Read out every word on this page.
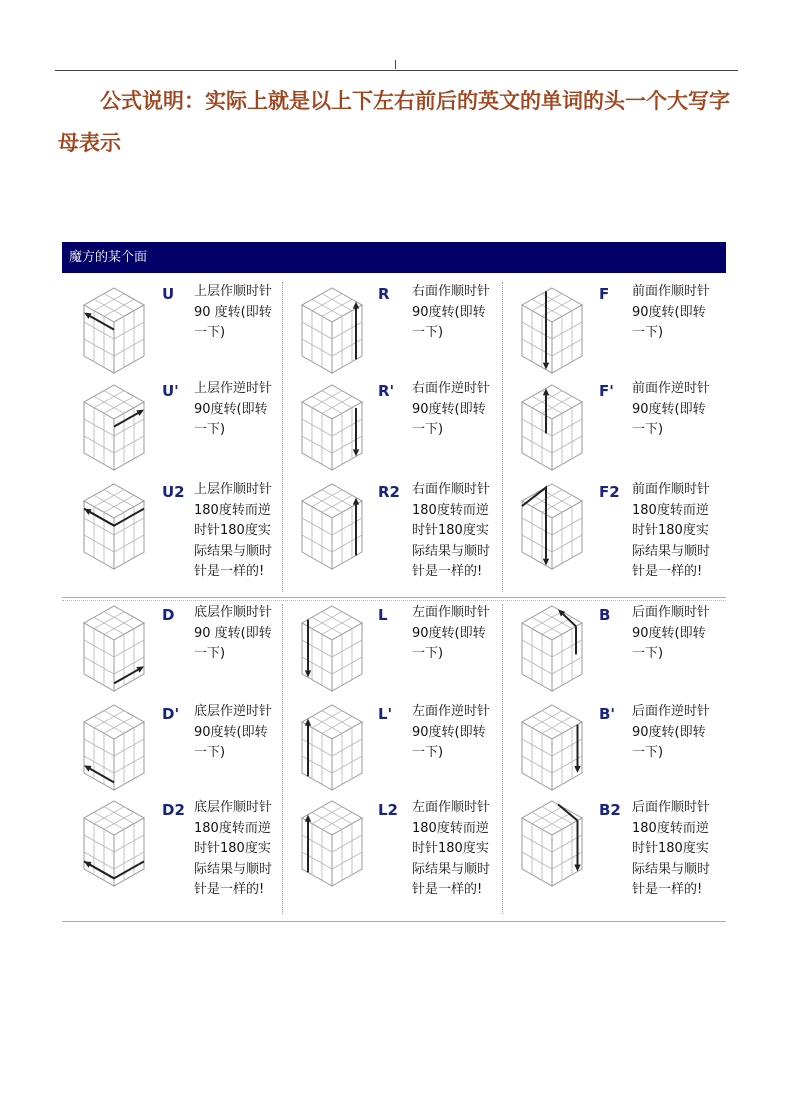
公式说明：实际上就是以上下左右前后的英文的单词的头一个大写字母表示

魔方的某个面
U 上层作顺时针
90 度转(即转
一下)
R 右面作顺时针
90度转(即转
一下)
F 前面作顺时针
90度转(即转
一下)
U' 上层作逆时针
90度转(即转
一下)
R' 右面作逆时针
90度转(即转
一下)
F' 前面作逆时针
90度转(即转
一下)
U2 上层作顺时针
180度转而逆
时针180度实
际结果与顺时
针是一样的!
R2 右面作顺时针
180度转而逆
时针180度实
际结果与顺时
针是一样的!
F2 前面作顺时针
180度转而逆
时针180度实
际结果与顺时
针是一样的!
D 底层作顺时针
90 度转(即转
一下)
L 左面作顺时针
90度转(即转
一下)
B 后面作顺时针
90度转(即转
一下)
D' 底层作逆时针
90度转(即转
一下)
L' 左面作逆时针
90度转(即转
一下)
B' 后面作逆时针
90度转(即转
一下)
D2 底层作顺时针
180度转而逆
时针180度实
际结果与顺时
针是一样的!
L2 左面作顺时针
180度转而逆
时针180度实
际结果与顺时
针是一样的!
B2 后面作顺时针
180度转而逆
时针180度实
际结果与顺时
针是一样的!
